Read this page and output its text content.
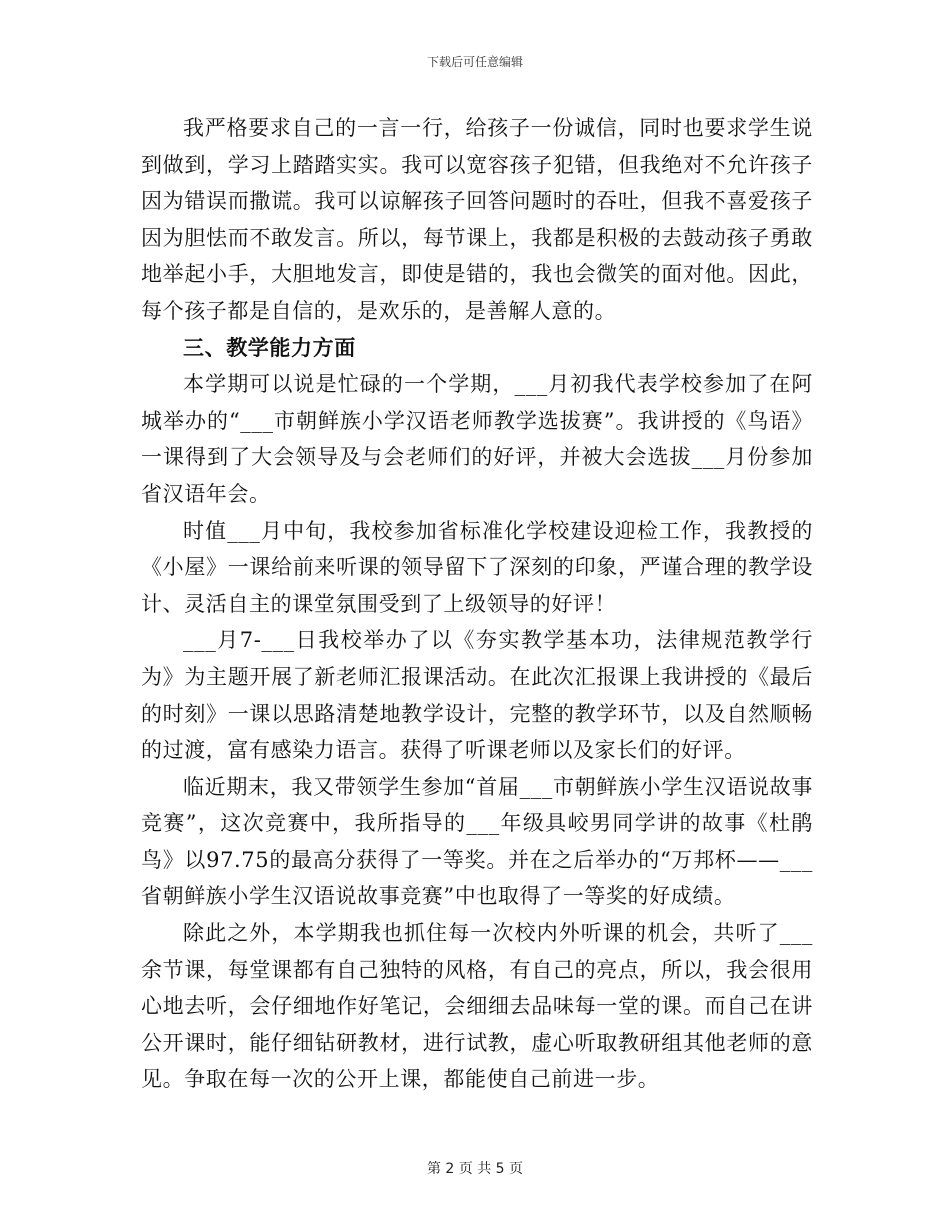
下载后可任意编辑

我严格要求自己的一言一行，给孩子一份诚信，同时也要求学生说到做到，学习上踏踏实实。我可以宽容孩子犯错，但我绝对不允许孩子因为错误而撒谎。我可以谅解孩子回答问题时的吞吐，但我不喜爱孩子因为胆怯而不敢发言。所以，每节课上，我都是积极的去鼓动孩子勇敢地举起小手，大胆地发言，即使是错的，我也会微笑的面对他。因此，每个孩子都是自信的，是欢乐的，是善解人意的。

三、教学能力方面

本学期可以说是忙碌的一个学期，___月初我代表学校参加了在阿城举办的“___市朝鲜族小学汉语老师教学选拔赛”。我讲授的《鸟语》一课得到了大会领导及与会老师们的好评，并被大会选拔___月份参加省汉语年会。

时值___月中旬，我校参加省标准化学校建设迎检工作，我教授的《小屋》一课给前来听课的领导留下了深刻的印象，严谨合理的教学设计、灵活自主的课堂氛围受到了上级领导的好评！

___月7-___日我校举办了以《夯实教学基本功，法律规范教学行为》为主题开展了新老师汇报课活动。在此次汇报课上我讲授的《最后的时刻》一课以思路清楚地教学设计，完整的教学环节，以及自然顺畅的过渡，富有感染力语言。获得了听课老师以及家长们的好评。

临近期末，我又带领学生参加“首届___市朝鲜族小学生汉语说故事竞赛”，这次竞赛中，我所指导的___年级具峧男同学讲的故事《杜鹃鸟》以97.75的最高分获得了一等奖。并在之后举办的“万邦杯——___省朝鲜族小学生汉语说故事竞赛”中也取得了一等奖的好成绩。

除此之外，本学期我也抓住每一次校内外听课的机会，共听了___余节课，每堂课都有自己独特的风格，有自己的亮点，所以，我会很用心地去听，会仔细地作好笔记，会细细去品味每一堂的课。而自己在讲公开课时，能仔细钻研教材，进行试教，虚心听取教研组其他老师的意见。争取在每一次的公开上课，都能使自己前进一步。

第 2 页 共 5 页
